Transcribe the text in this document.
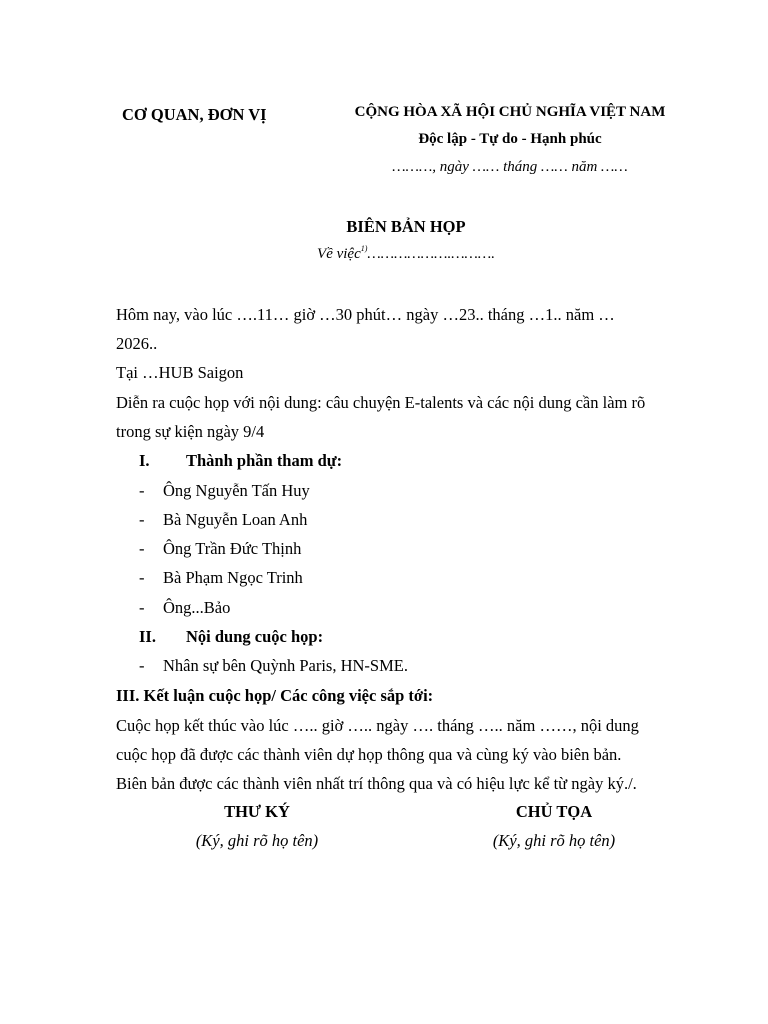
CƠ QUAN, ĐƠN VỊ	CỘNG HÒA XÃ HỘI CHỦ NGHĨA VIỆT NAM
Độc lập - Tự do - Hạnh phúc
………, ngày …… tháng …… năm ……
BIÊN BẢN HỌP
Về việc$^{1)}$……………….……….
Hôm nay, vào lúc ….11… giờ …30 phút… ngày …23.. tháng …1.. năm …
2026..
Tại …HUB Saigon
Diễn ra cuộc họp với nội dung: câu chuyện E-talents và các nội dung cần làm rõ
trong sự kiện ngày 9/4
I. Thành phần tham dự:
- Ông Nguyễn Tấn Huy
- Bà Nguyễn Loan Anh
- Ông Trần Đức Thịnh
- Bà Phạm Ngọc Trinh
- Ông...Bảo
II. Nội dung cuộc họp:
- Nhân sự bên Quỳnh Paris, HN-SME.
III. Kết luận cuộc họp/ Các công việc sắp tới:
Cuộc họp kết thúc vào lúc ….. giờ ….. ngày …. tháng ….. năm ……, nội dung
cuộc họp đã được các thành viên dự họp thông qua và cùng ký vào biên bản.
Biên bản được các thành viên nhất trí thông qua và có hiệu lực kể từ ngày ký./.
THƯ KÝ
(Ký, ghi rõ họ tên)
CHỦ TỌA
(Ký, ghi rõ họ tên)
